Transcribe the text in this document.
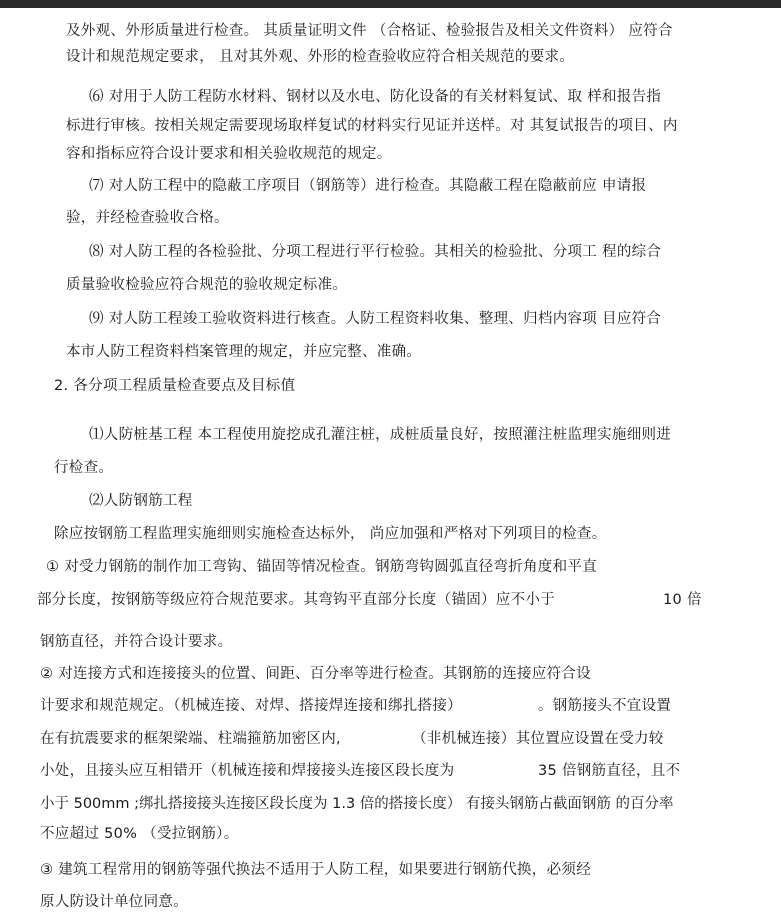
及外观、外形质量进行检查。 其质量证明文件 （合格证、检验报告及相关文件资料） 应符合
设计和规范规定要求， 且对其外观、外形的检查验收应符合相关规范的要求。
⑹ 对用于人防工程防水材料、钢材以及水电、防化设备的有关材料复试、取 样和报告指
标进行审核。按相关规定需要现场取样复试的材料实行见证并送样。对 其复试报告的项目、内
容和指标应符合设计要求和相关验收规范的规定。
⑺ 对人防工程中的隐蔽工序项目（钢筋等）进行检查。其隐蔽工程在隐蔽前应 申请报
验，并经检查验收合格。
⑻ 对人防工程的各检验批、分项工程进行平行检验。其相关的检验批、分项工 程的综合
质量验收检验应符合规范的验收规定标准。
⑼ 对人防工程竣工验收资料进行核查。人防工程资料收集、整理、归档内容项 目应符合
本市人防工程资料档案管理的规定，并应完整、准确。
2. 各分项工程质量检查要点及目标值
⑴人防桩基工程 本工程使用旋挖成孔灌注桩，成桩质量良好，按照灌注桩监理实施细则进
行检查。
⑵人防钢筋工程
除应按钢筋工程监理实施细则实施检查达标外， 尚应加强和严格对下列项目的检查。
① 对受力钢筋的制作加工弯钩、锚固等情况检查。钢筋弯钩圆弧直径弯折角度和平直
部分长度，按钢筋等级应符合规范要求。其弯钩平直部分长度（锚固）应不小于	10 倍
钢筋直径，并符合设计要求。
② 对连接方式和连接接头的位置、间距、百分率等进行检查。其钢筋的连接应符合设
计要求和规范规定。（机械连接、对焊、搭接焊连接和绑扎搭接）	。钢筋接头不宜设置
在有抗震要求的框架梁端、柱端箍筋加密区内,	（非机械连接）其位置应设置在受力较
小处，且接头应互相错开（机械连接和焊接接头连接区段长度为	35 倍钢筋直径，且不
小于 500mm ;绑扎搭接接头连接区段长度为 1.3 倍的搭接长度） 有接头钢筋占截面钢筋 的百分率
不应超过 50% （受拉钢筋）。
③ 建筑工程常用的钢筋等强代换法不适用于人防工程，如果要进行钢筋代换，必须经
原人防设计单位同意。
